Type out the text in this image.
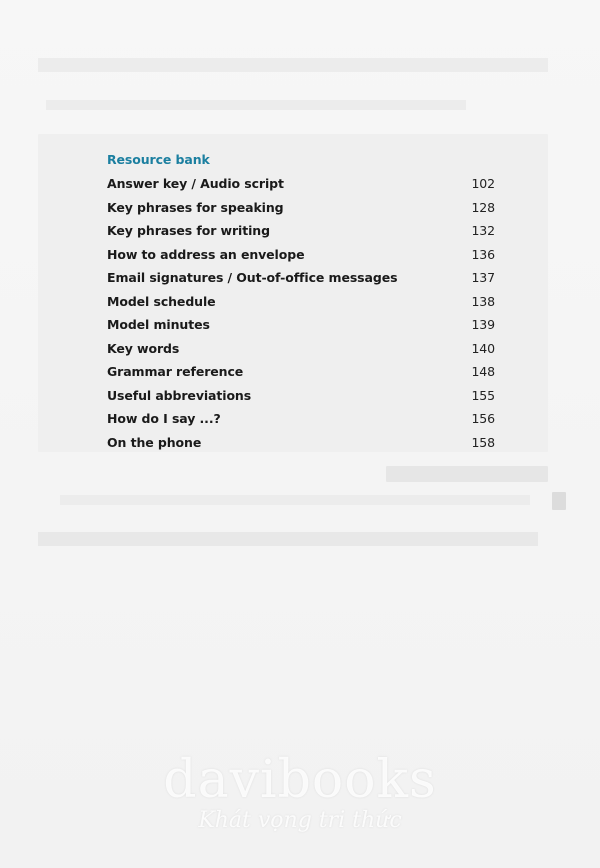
Resource bank
Answer key / Audio script	102
Key phrases for speaking	128
Key phrases for writing	132
How to address an envelope	136
Email signatures / Out-of-office messages	137
Model schedule	138
Model minutes	139
Key words	140
Grammar reference	148
Useful abbreviations	155
How do I say ...?	156
On the phone	158
davibooks
Khát vọng tri thức
